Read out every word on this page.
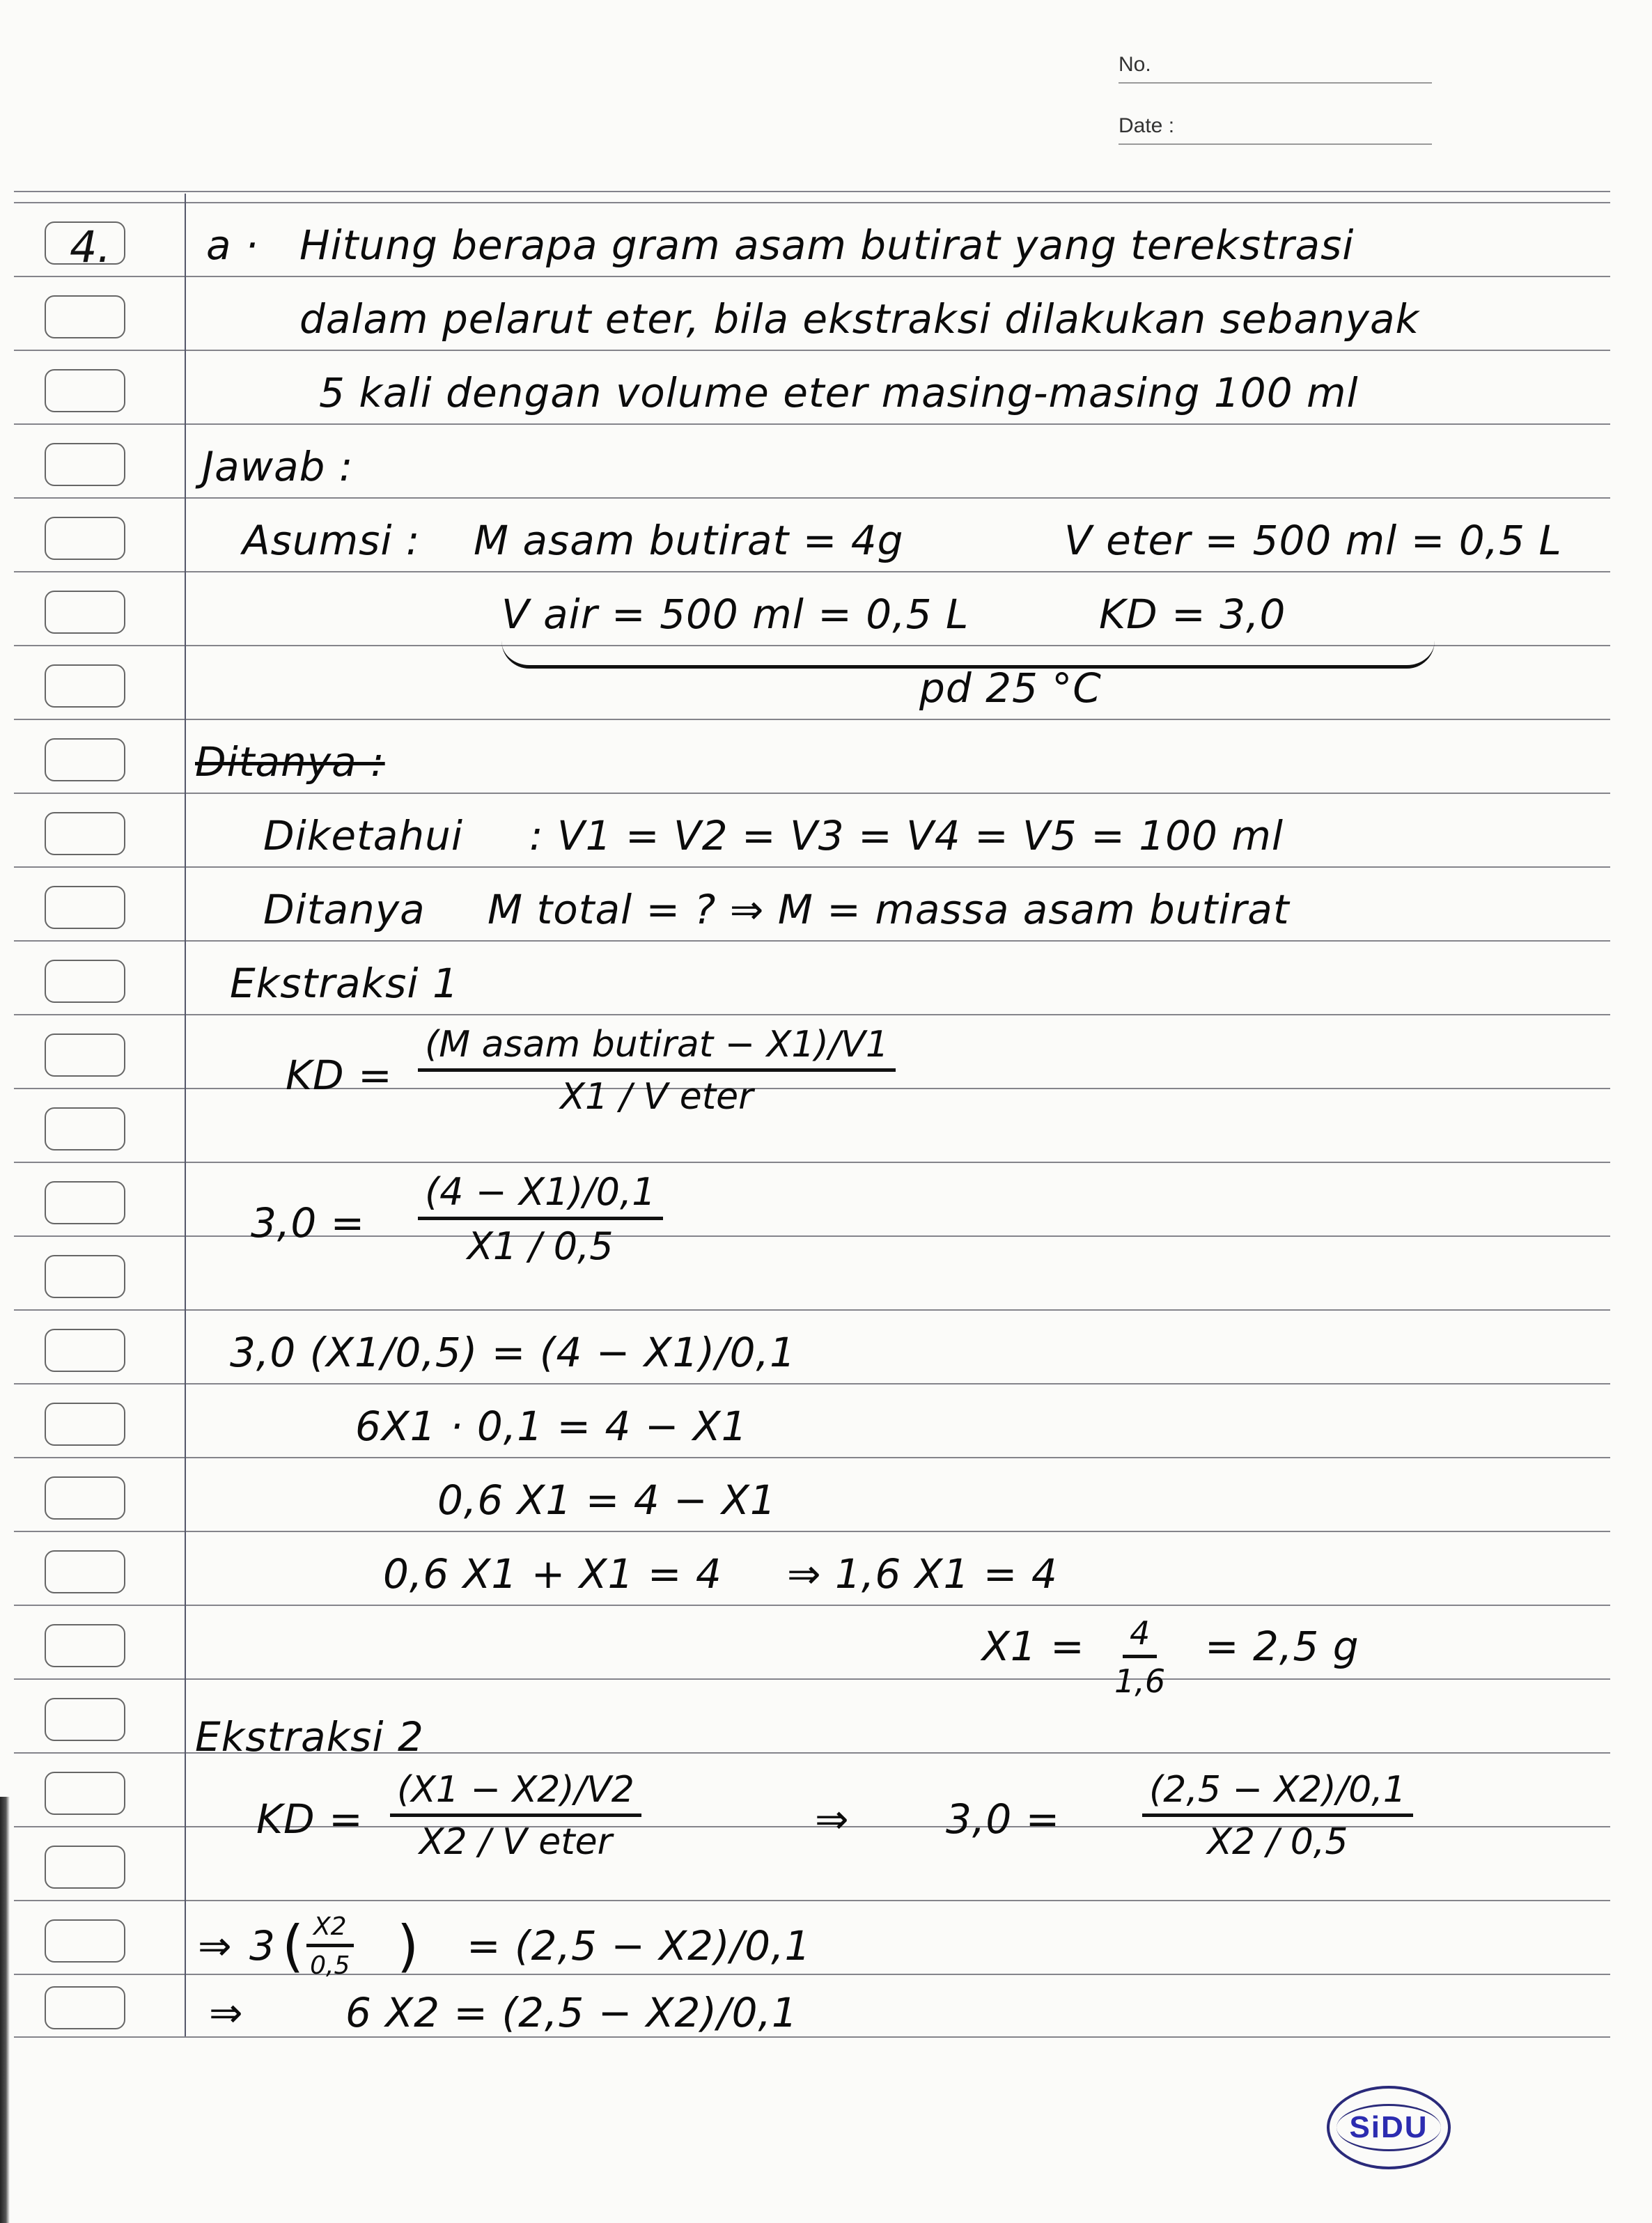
No.
Date :
4. a · Hitung berapa gram asam butirat yang terekstrasi
dalam pelarut eter, bila ekstraksi dilakukan sebanyak
5 kali dengan volume eter masing-masing 100 ml
Jawab :
Asumsi : M asam butirat = 4g	V eter = 500 ml = 0,5 L
V air = 500 ml = 0,5 L	KD = 3,0
pd 25 °C
Ditanya :
Diketahui : V1 = V2 = V3 = V4 = V5 = 100 ml
Ditanya M total = ? ⇒ M = massa asam butirat
Ekstraksi 1
KD =
(M asam butirat − X1)/V1
X1 / V eter
$3,0 = \frac{(4 - X1)/0,1}{X1 / 0,5}$
3,0 (X1/0,5) = (4 − X1)/0,1
6X1 · 0,1 = 4 − X1
0,6 X1 = 4 − X1
0,6 X1 + X1 = 4 ⇒ 1,6 X1 = 4
$X1 = \frac{4}{1,6} = 2,5$ g
Ekstraksi 2
KD =
(X1 − X2)/V2
X2 / V eter	⇒ $3,0 = \frac{(2,5 - X2)/0,1}{X2 / 0,5}$
⇒ 3 ( $\frac{X2}{0,5}$ ) = (2,5 − X2)/0,1
⇒	6 X2 = (2,5 − X2)/0,1
SiDU
